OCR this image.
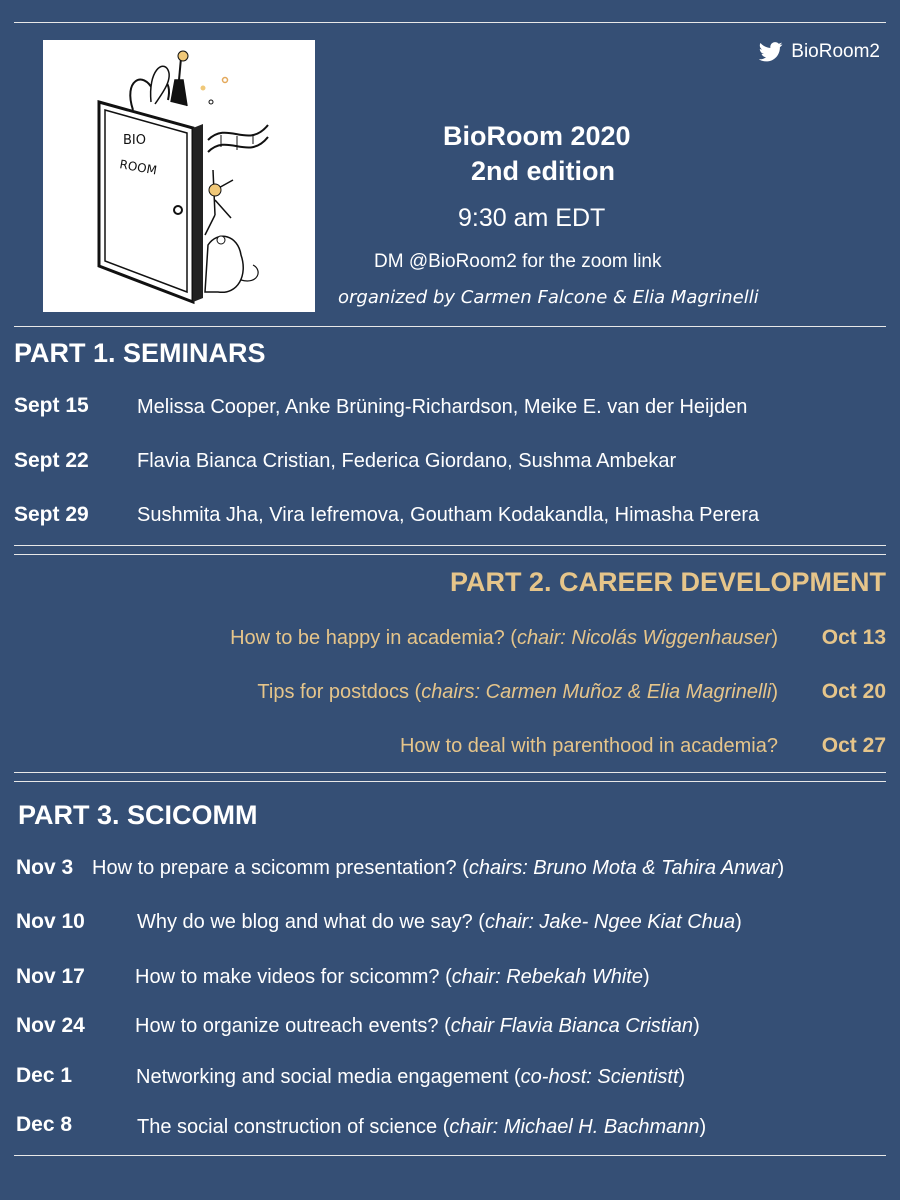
BIO
ROOM
BioRoom2
BioRoom 2020
2nd edition
9:30 am EDT
DM @BioRoom2 for the zoom link
organized by Carmen Falcone & Elia Magrinelli
PART 1. SEMINARS
Sept 15 Melissa Cooper, Anke Brüning-Richardson, Meike E. van der Heijden
Sept 22 Flavia Bianca Cristian, Federica Giordano, Sushma Ambekar
Sept 29 Sushmita Jha, Vira Iefremova, Goutham Kodakandla, Himasha Perera
PART 2. CAREER DEVELOPMENT
How to be happy in academia? (chair: Nicolás Wiggenhauser) Oct 13
Tips for postdocs (chairs: Carmen Muñoz & Elia Magrinelli) Oct 20
How to deal with parenthood in academia? Oct 27
PART 3. SCICOMM
Nov 3 How to prepare a scicomm presentation? (chairs: Bruno Mota & Tahira Anwar)
Nov 10	Why do we blog and what do we say? (chair: Jake- Ngee Kiat Chua)
Nov 17	How to make videos for scicomm? (chair: Rebekah White)
Nov 24	How to organize outreach events? (chair Flavia Bianca Cristian)
Dec 1	Networking and social media engagement (co-host: Scientistt)
Dec 8	The social construction of science (chair: Michael H. Bachmann)
